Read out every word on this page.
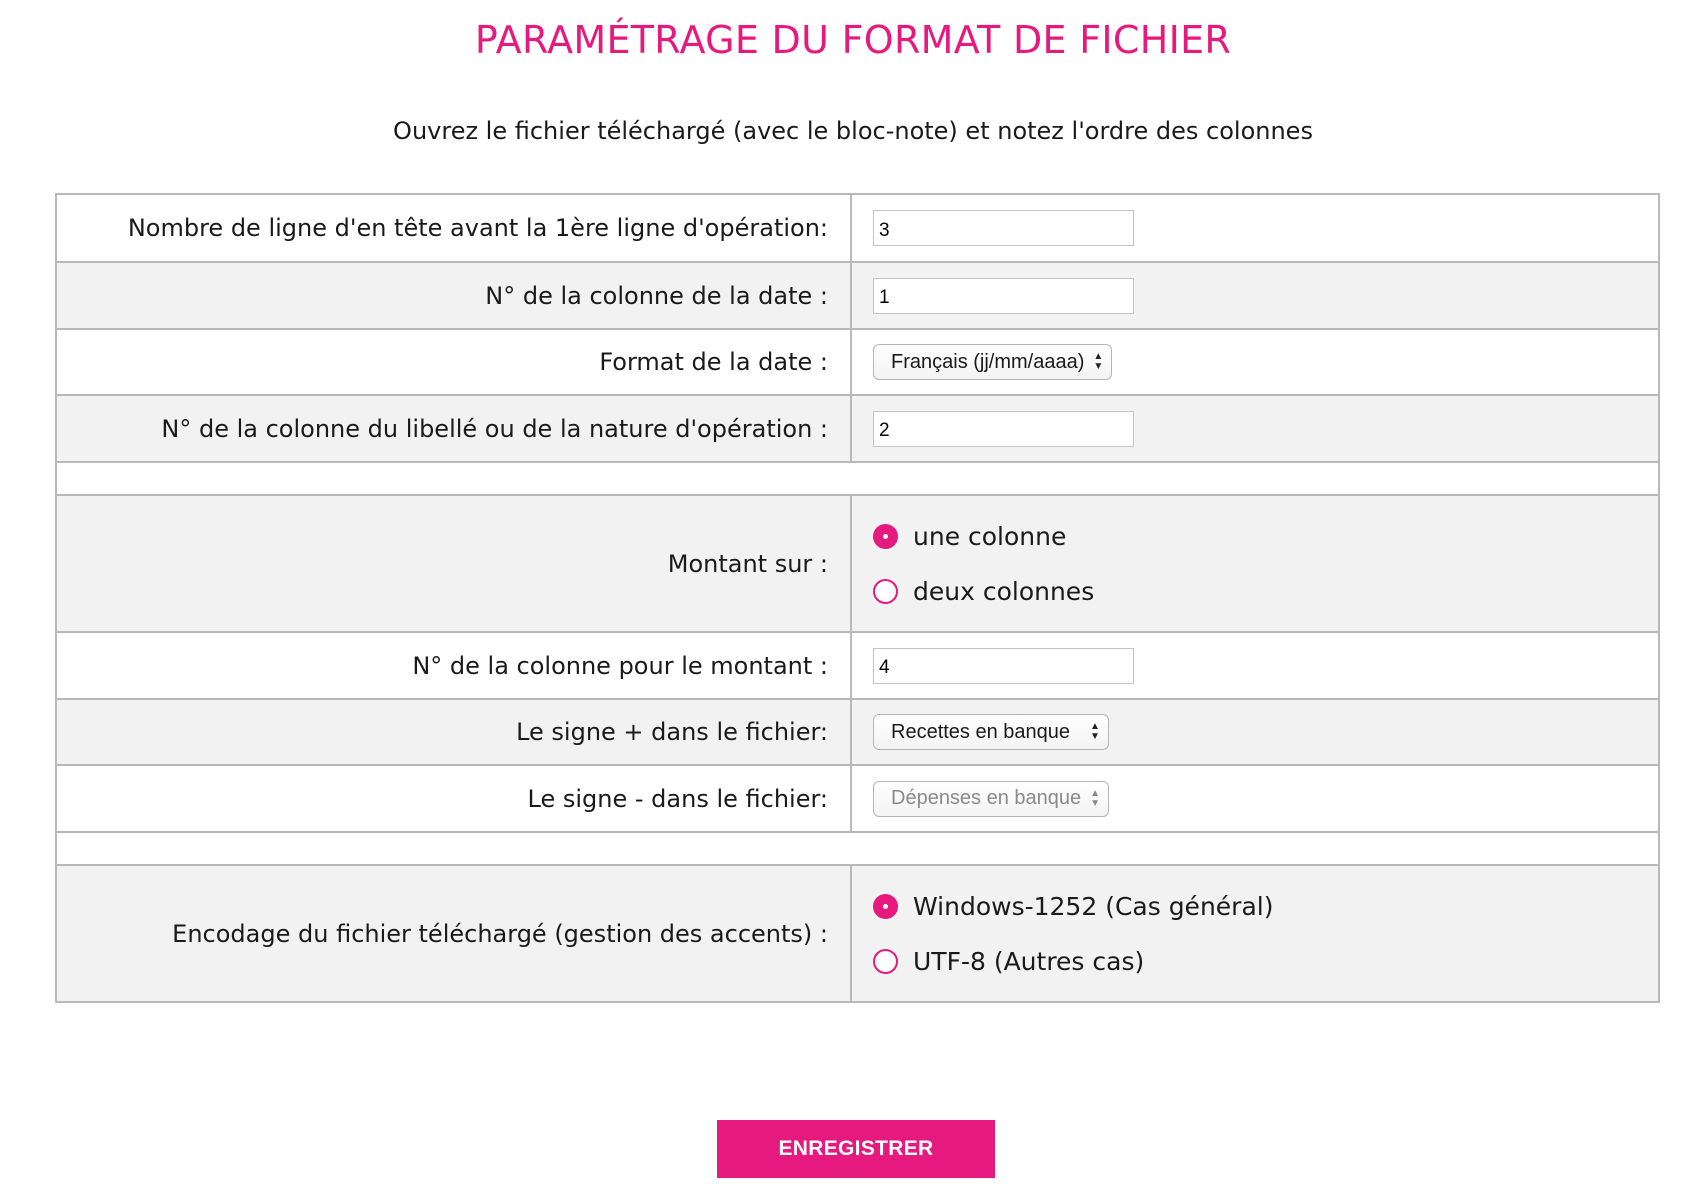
PARAMÉTRAGE DU FORMAT DE FICHIER

Ouvrez le fichier téléchargé (avec le bloc-note) et notez l'ordre des colonnes

Nombre de ligne d'en tête avant la 1ère ligne d'opération:
3
N° de la colonne de la date :
1
Format de la date :	Français (jj/mm/aaaa) ▲
▼
N° de la colonne du libellé ou de la nature d'opération :
2
Montant sur :
une colonne
deux colonnes
N° de la colonne pour le montant :
4
Le signe + dans le fichier:	Recettes en banque ▲
▼
Le signe - dans le fichier:	Dépenses en banque ▲
▼
Encodage du fichier téléchargé (gestion des accents) :
Windows-1252 (Cas général)
UTF-8 (Autres cas)
ENREGISTRER
